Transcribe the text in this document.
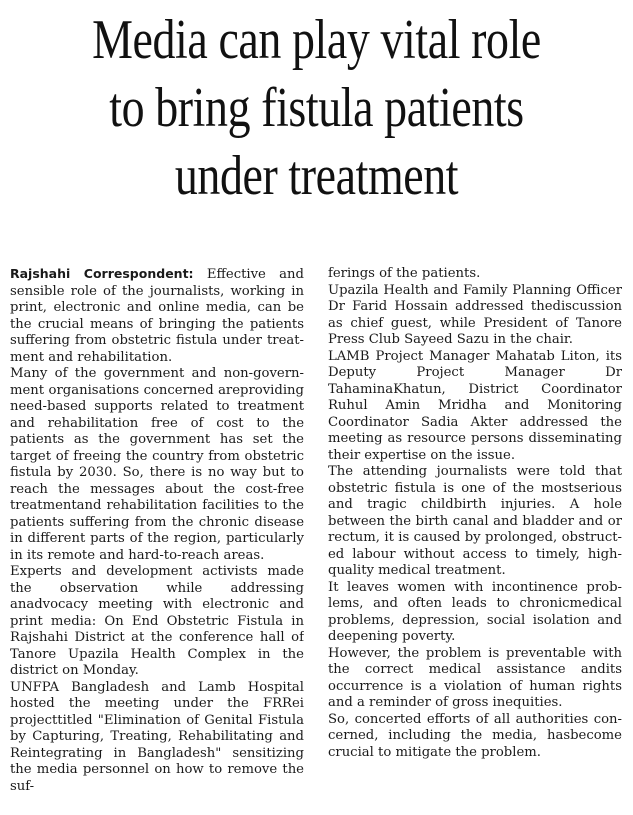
Media can play vital role
to bring fistula patients
under treatment

Rajshahi Correspondent: Effective and sensible role of the journalists, working in print, electronic and online media, can be the crucial means of bringing the patients suffering from obstetric fistula under treatment and rehabilitation.

Many of the government and non-government organisations concerned areproviding need-based supports related to treatment and rehabilitation free of cost to the patients as the government has set the target of freeing the country from obstetric fistula by 2030. So, there is no way but to reach the messages about the cost-free treatmentand rehabilitation facilities to the patients suffering from the chronic disease in different parts of the region, particularly in its remote and hard-to-reach areas.

Experts and development activists made the observation while addressing anadvocacy meeting with electronic and print media: On End Obstetric Fistula in Rajshahi District at the conference hall of Tanore Upazila Health Complex in the district on Monday.

UNFPA Bangladesh and Lamb Hospital hosted the meeting under the FRRei projecttitled "Elimination of Genital Fistula by Capturing, Treating, Rehabilitating and Reintegrating in Bangladesh" sensitizing the media personnel on how to remove the suf-

ferings of the patients.

Upazila Health and Family Planning Officer Dr Farid Hossain addressed thediscussion as chief guest, while President of Tanore Press Club Sayeed Sazu in the chair.

LAMB Project Manager Mahatab Liton, its Deputy Project Manager Dr TahaminaKhatun, District Coordinator Ruhul Amin Mridha and Monitoring Coordinator Sadia Akter addressed the meeting as resource persons disseminating their expertise on the issue.

The attending journalists were told that obstetric fistula is one of the mostserious and tragic childbirth injuries. A hole between the birth canal and bladder and or rectum, it is caused by prolonged, obstructed labour without access to timely, high-quality medical treatment.

It leaves women with incontinence problems, and often leads to chronicmedical problems, depression, social isolation and deepening poverty.

However, the problem is preventable with the correct medical assistance andits occurrence is a violation of human rights and a reminder of gross inequities.

So, concerted efforts of all authorities concerned, including the media, hasbecome crucial to mitigate the problem.
